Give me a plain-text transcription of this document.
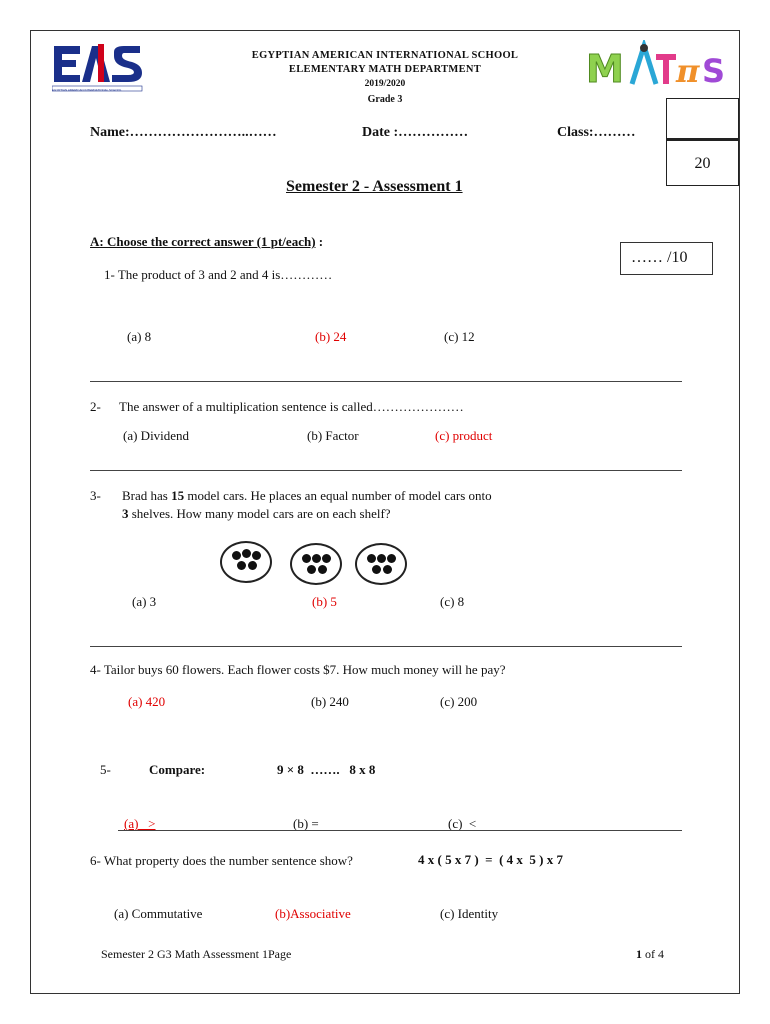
EGYPTIAN AMERICAN INTERNATIONAL SCHOOL
EGYPTIAN AMERICAN INTERNATIONAL SCHOOL
ELEMENTARY MATH DEPARTMENT
2019/2020
Grade 3
M π S
20
Name:……………………..……	Date :……………	Class:………
Semester 2 - Assessment 1
A: Choose the correct answer (1 pt/each) :
…… /10
1- The product of 3 and 2 and 4 is…………
(a) 8	(b) 24	(c) 12
2- The answer of a multiplication sentence is called…………………
(a) Dividend	(b) Factor	(c) product
3- Brad has 15 model cars. He places an equal number of model cars onto
3 shelves. How many model cars are on each shelf?
(a) 3	(b) 5	(c) 8
4- Tailor buys 60 flowers. Each flower costs $7. How much money will he pay?
(a) 420	(b) 240	(c) 200
5-	Compare:	9 × 8  …….   8 x 8
(a)   >	(b) =	(c)  <
6- What property does the number sentence show?	4 x ( 5 x 7 )  =  ( 4 x  5 ) x 7
(a) Commutative	(b)Associative	(c) Identity
Semester 2 G3 Math Assessment 1Page	1 of 4
